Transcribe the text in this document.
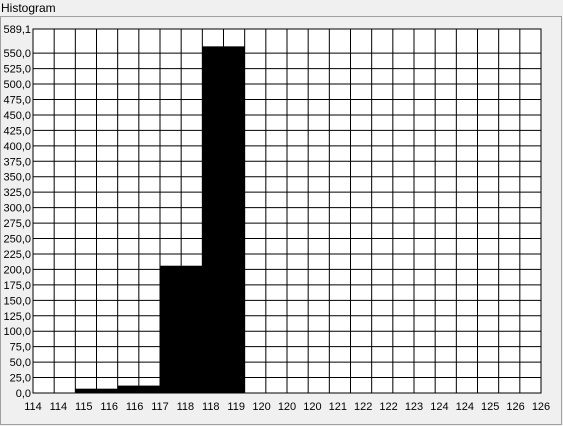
Histogram
0,0
25,0
50,0
75,0
100,0
125,0
150,0
175,0
200,0
225,0
250,0
275,0
300,0
325,0
350,0
375,0
400,0
425,0
450,0
475,0
500,0
525,0
550,0
589,1
114 114 115 116 116 117 118 118 119 120 120 120 121 122 122 123 124 124 125 126 126
